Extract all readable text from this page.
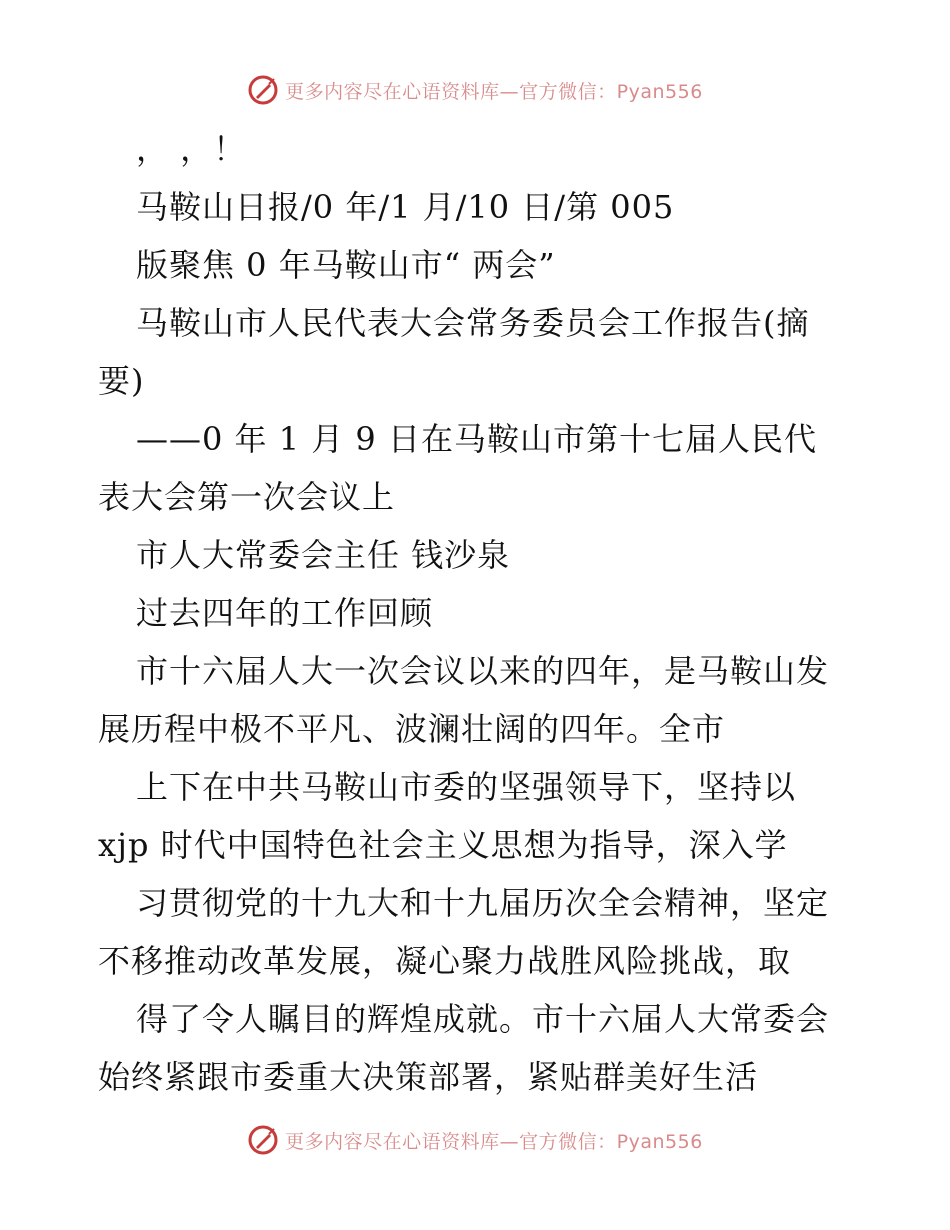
更多内容尽在心语资料库—官方微信：Pyan556
， ，！
马鞍山日报/0 年/1 月/10 日/第 005
版聚焦 0 年马鞍山市“ 两会”
马鞍山市人民代表大会常务委员会工作报告(摘
要)
——0 年 1 月 9 日在马鞍山市第十七届人民代
表大会第一次会议上
市人大常委会主任 钱沙泉
过去四年的工作回顾
市十六届人大一次会议以来的四年，是马鞍山发
展历程中极不平凡、波澜壮阔的四年。全市
上下在中共马鞍山市委的坚强领导下，坚持以
xjp 时代中国特色社会主义思想为指导，深入学
习贯彻党的十九大和十九届历次全会精神，坚定
不移推动改革发展，凝心聚力战胜风险挑战，取
得了令人瞩目的辉煌成就。市十六届人大常委会
始终紧跟市委重大决策部署，紧贴群美好生活
更多内容尽在心语资料库—官方微信：Pyan556
